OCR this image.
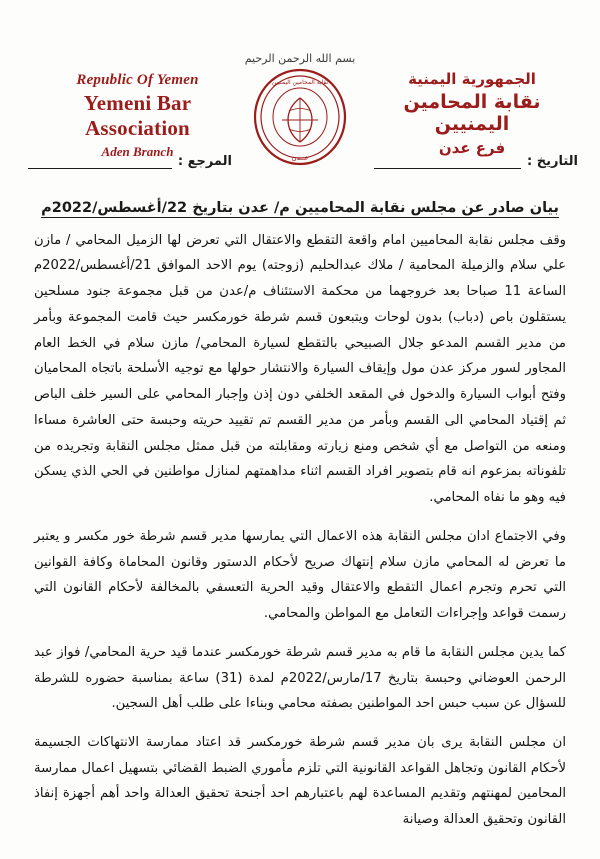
بسم الله الرحمن الرحيم
Republic Of Yemen
Yemeni Bar Association
Aden Branch
نقابة المحامين اليمنيين
عــدن
الجمهورية اليمنية
نقابة المحامين اليمنيين
فرع عدن
المرجع :	التاريخ :
بيان صادر عن مجلس نقابة المحاميين م/ عدن بتاريخ 22/أغسطس/2022م

وقف مجلس نقابة المحاميين امام واقعة التقطع والاعتقال التي تعرض لها الزميل المحامي / مازن علي سلام والزميلة المحامية / ملاك عبدالحليم (زوجته) يوم الاحد الموافق 21/أغسطس/2022م الساعة 11 صباحا بعد خروجهما من محكمة الاستئناف م/عدن من قبل مجموعة جنود مسلحين يستقلون باص (دباب) بدون لوحات ويتبعون قسم شرطة خورمكسر حيث قامت المجموعة وبأمر من مدير القسم المدعو جلال الصبيحي بالتقطع لسيارة المحامي/ مازن سلام في الخط العام المجاور لسور مركز عدن مول وإيقاف السيارة والانتشار حولها مع توجيه الأسلحة باتجاه المحاميان وفتح أبواب السيارة والدخول في المقعد الخلفي دون إذن وإجبار المحامي على السير خلف الباص ثم إقتياد المحامي الى القسم وبأمر من مدير القسم تم تقييد حريته وحبسة حتى العاشرة مساءا ومنعه من التواصل مع أي شخص ومنع زيارته ومقابلته من قبل ممثل مجلس النقابة وتجريده من تلفوناته بمزعوم انه قام بتصوير افراد القسم اثناء مداهمتهم لمنازل مواطنين في الحي الذي يسكن فيه وهو ما نفاه المحامي.

وفي الاجتماع ادان مجلس النقابة هذه الاعمال التي يمارسها مدير قسم شرطة خور مكسر و يعتبر ما تعرض له المحامي مازن سلام إنتهاك صريح لأحكام الدستور وقانون المحاماة وكافة القوانين التي تحرم وتجرم اعمال التقطع والاعتقال وقيد الحرية التعسفي بالمخالفة لأحكام القانون التي رسمت قواعد وإجراءات التعامل مع المواطن والمحامي.

كما يدين مجلس النقابة ما قام به مدير قسم شرطة خورمكسر عندما قيد حرية المحامي/ فواز عبد الرحمن العوضاني وحبسة بتاريخ 17/مارس/2022م لمدة (31) ساعة بمناسبة حضوره للشرطة للسؤال عن سبب حبس احد المواطنين بصفته محامي وبناءا على طلب أهل السجين.

ان مجلس النقابة يرى بان مدير قسم شرطة خورمكسر قد اعتاد ممارسة الانتهاكات الجسيمة لأحكام القانون وتجاهل القواعد القانونية التي تلزم مأموري الضبط القضائي بتسهيل اعمال ممارسة المحامين لمهنتهم وتقديم المساعدة لهم باعتبارهم احد أجنحة تحقيق العدالة واحد أهم أجهزة إنفاذ القانون وتحقيق العدالة وصيانة
